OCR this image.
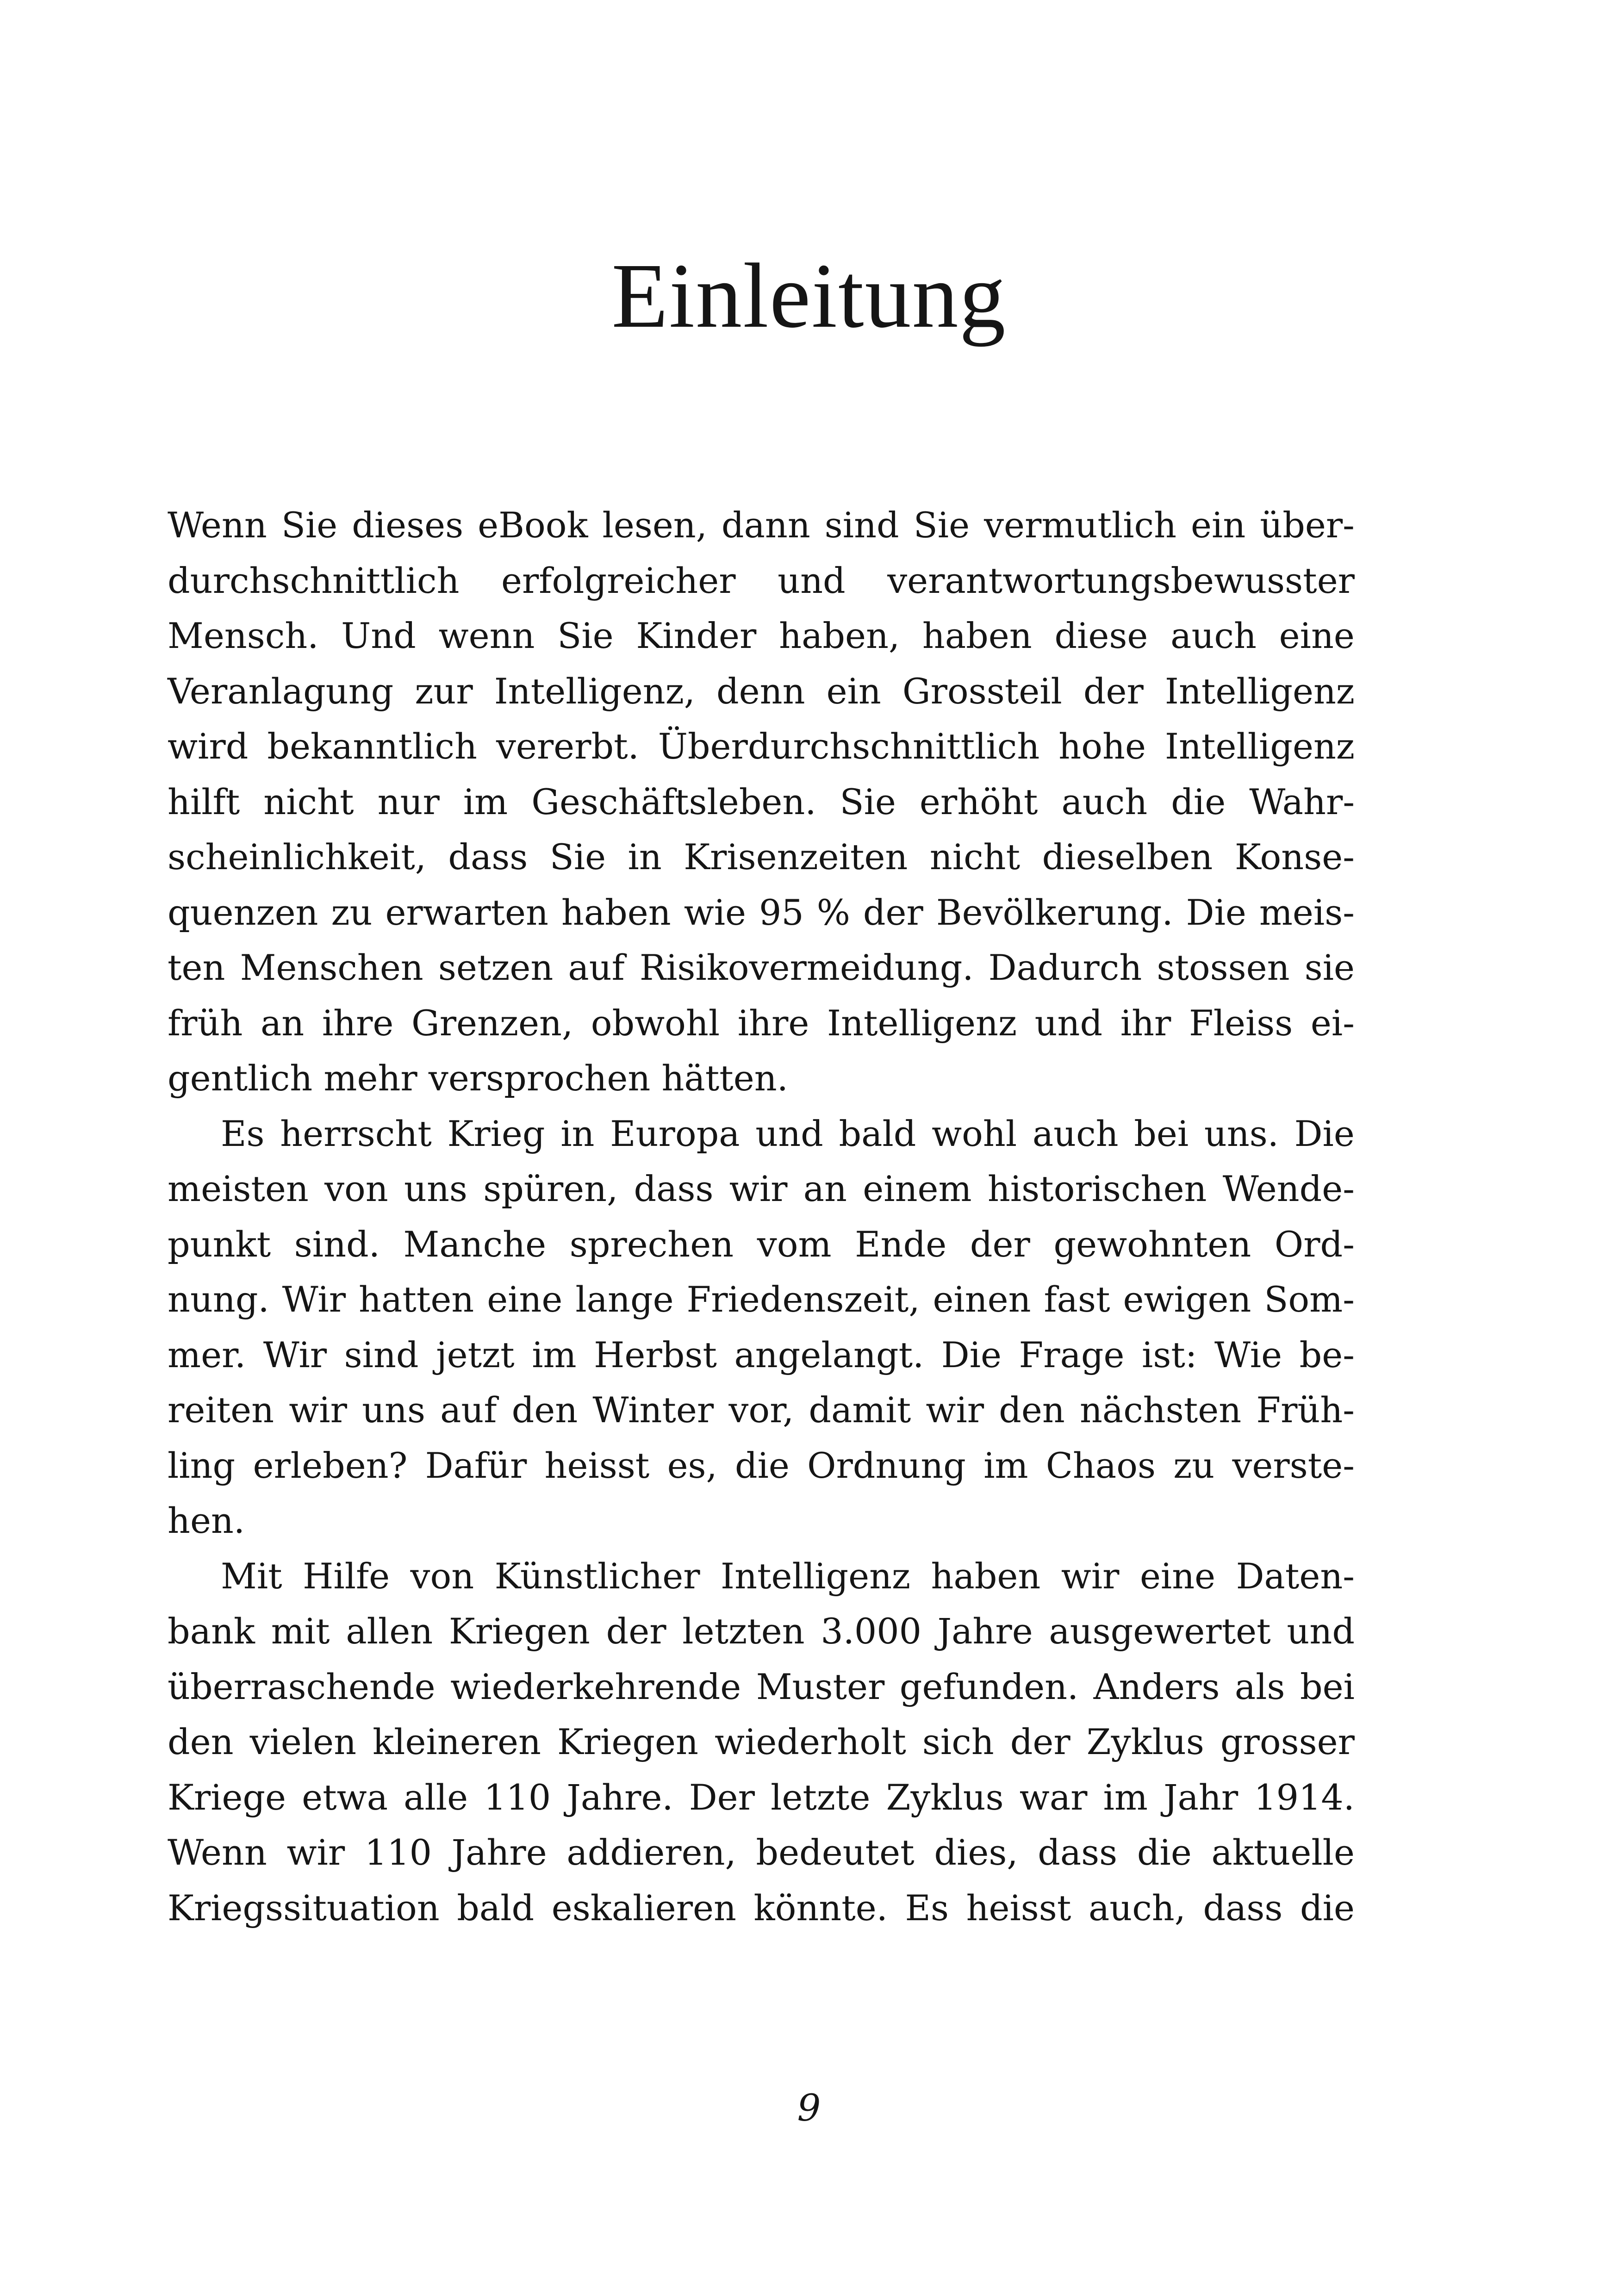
Einleitung
Wenn Sie dieses eBook lesen, dann sind Sie vermutlich ein über-
durchschnittlich erfolgreicher und verantwortungsbewusster
Mensch. Und wenn Sie Kinder haben, haben diese auch eine
Veranlagung zur Intelligenz, denn ein Grossteil der Intelligenz
wird bekanntlich vererbt. Überdurchschnittlich hohe Intelligenz
hilft nicht nur im Geschäftsleben. Sie erhöht auch die Wahr-
scheinlichkeit, dass Sie in Krisenzeiten nicht dieselben Konse-
quenzen zu erwarten haben wie 95 % der Bevölkerung. Die meis-
ten Menschen setzen auf Risikovermeidung. Dadurch stossen sie
früh an ihre Grenzen, obwohl ihre Intelligenz und ihr Fleiss ei-
gentlich mehr versprochen hätten.
Es herrscht Krieg in Europa und bald wohl auch bei uns. Die
meisten von uns spüren, dass wir an einem historischen Wende-
punkt sind. Manche sprechen vom Ende der gewohnten Ord-
nung. Wir hatten eine lange Friedenszeit, einen fast ewigen Som-
mer. Wir sind jetzt im Herbst angelangt. Die Frage ist: Wie be-
reiten wir uns auf den Winter vor, damit wir den nächsten Früh-
ling erleben? Dafür heisst es, die Ordnung im Chaos zu verste-
hen.
Mit Hilfe von Künstlicher Intelligenz haben wir eine Daten-
bank mit allen Kriegen der letzten 3.000 Jahre ausgewertet und
überraschende wiederkehrende Muster gefunden. Anders als bei
den vielen kleineren Kriegen wiederholt sich der Zyklus grosser
Kriege etwa alle 110 Jahre. Der letzte Zyklus war im Jahr 1914.
Wenn wir 110 Jahre addieren, bedeutet dies, dass die aktuelle
Kriegssituation bald eskalieren könnte. Es heisst auch, dass die
9
